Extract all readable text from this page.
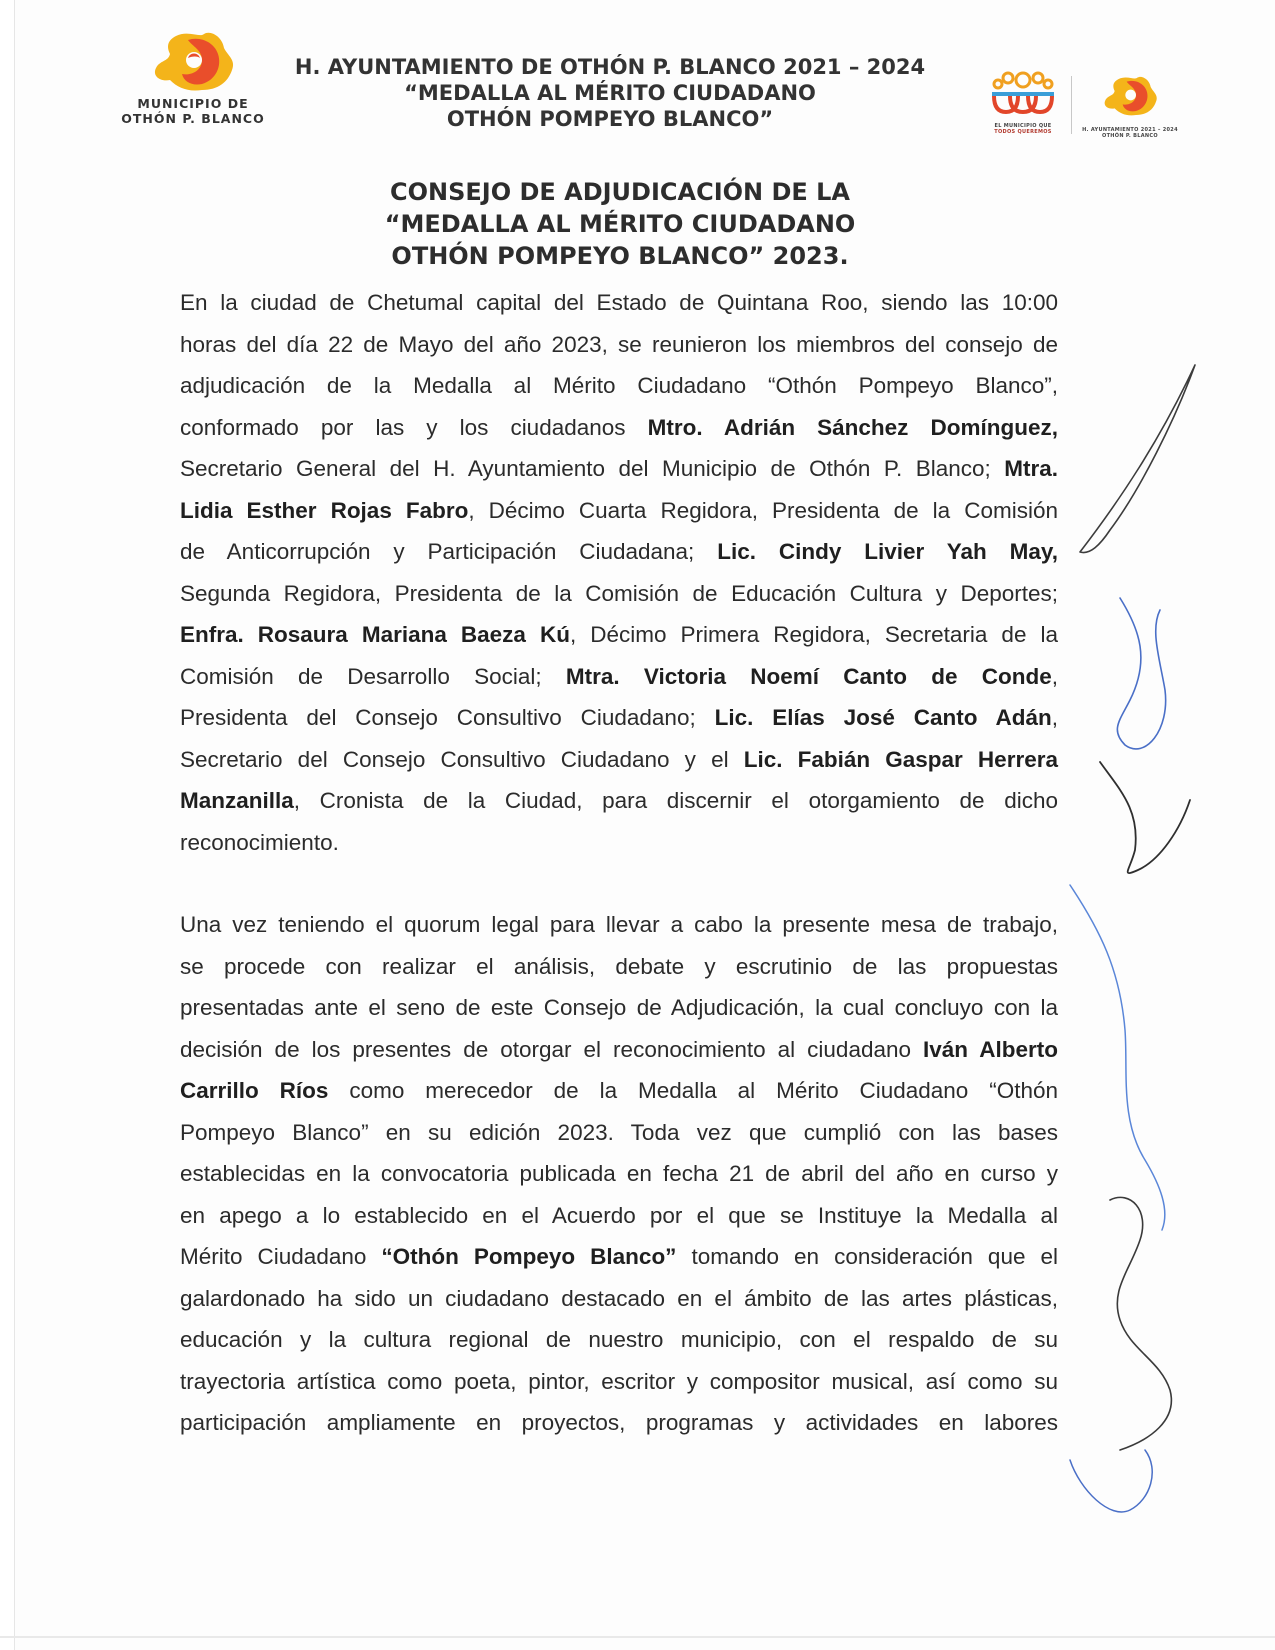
MUNICIPIO DE
OTHÓN P. BLANCO
H. AYUNTAMIENTO DE OTHÓN P. BLANCO 2021 – 2024
“MEDALLA AL MÉRITO CIUDADANO
OTHÓN POMPEYO BLANCO”	EL MUNICIPIO QUE
TODOS QUEREMOS	H. AYUNTAMIENTO 2021 – 2024
OTHÓN P. BLANCO
CONSEJO DE ADJUDICACIÓN DE LA
“MEDALLA AL MÉRITO CIUDADANO
OTHÓN POMPEYO BLANCO” 2023.
En la ciudad de Chetumal capital del Estado de Quintana Roo, siendo las 10:00
horas del día 22 de Mayo del año 2023, se reunieron los miembros del consejo de
adjudicación de la Medalla al Mérito Ciudadano “Othón Pompeyo Blanco”,
conformado por las y los ciudadanos Mtro. Adrián Sánchez Domínguez,
Secretario General del H. Ayuntamiento del Municipio de Othón P. Blanco; Mtra.
Lidia Esther Rojas Fabro, Décimo Cuarta Regidora, Presidenta de la Comisión
de Anticorrupción y Participación Ciudadana; Lic. Cindy Livier Yah May,
Segunda Regidora, Presidenta de la Comisión de Educación Cultura y Deportes;
Enfra. Rosaura Mariana Baeza Kú, Décimo Primera Regidora, Secretaria de la
Comisión de Desarrollo Social; Mtra. Victoria Noemí Canto de Conde,
Presidenta del Consejo Consultivo Ciudadano; Lic. Elías José Canto Adán,
Secretario del Consejo Consultivo Ciudadano y el Lic. Fabián Gaspar Herrera
Manzanilla, Cronista de la Ciudad, para discernir el otorgamiento de dicho
reconocimiento.
Una vez teniendo el quorum legal para llevar a cabo la presente mesa de trabajo,
se procede con realizar el análisis, debate y escrutinio de las propuestas
presentadas ante el seno de este Consejo de Adjudicación, la cual concluyo con la
decisión de los presentes de otorgar el reconocimiento al ciudadano Iván Alberto
Carrillo Ríos como merecedor de la Medalla al Mérito Ciudadano “Othón
Pompeyo Blanco” en su edición 2023. Toda vez que cumplió con las bases
establecidas en la convocatoria publicada en fecha 21 de abril del año en curso y
en apego a lo establecido en el Acuerdo por el que se Instituye la Medalla al
Mérito Ciudadano “Othón Pompeyo Blanco” tomando en consideración que el
galardonado ha sido un ciudadano destacado en el ámbito de las artes plásticas,
educación y la cultura regional de nuestro municipio, con el respaldo de su
trayectoria artística como poeta, pintor, escritor y compositor musical, así como su
participación ampliamente en proyectos, programas y actividades en labores
